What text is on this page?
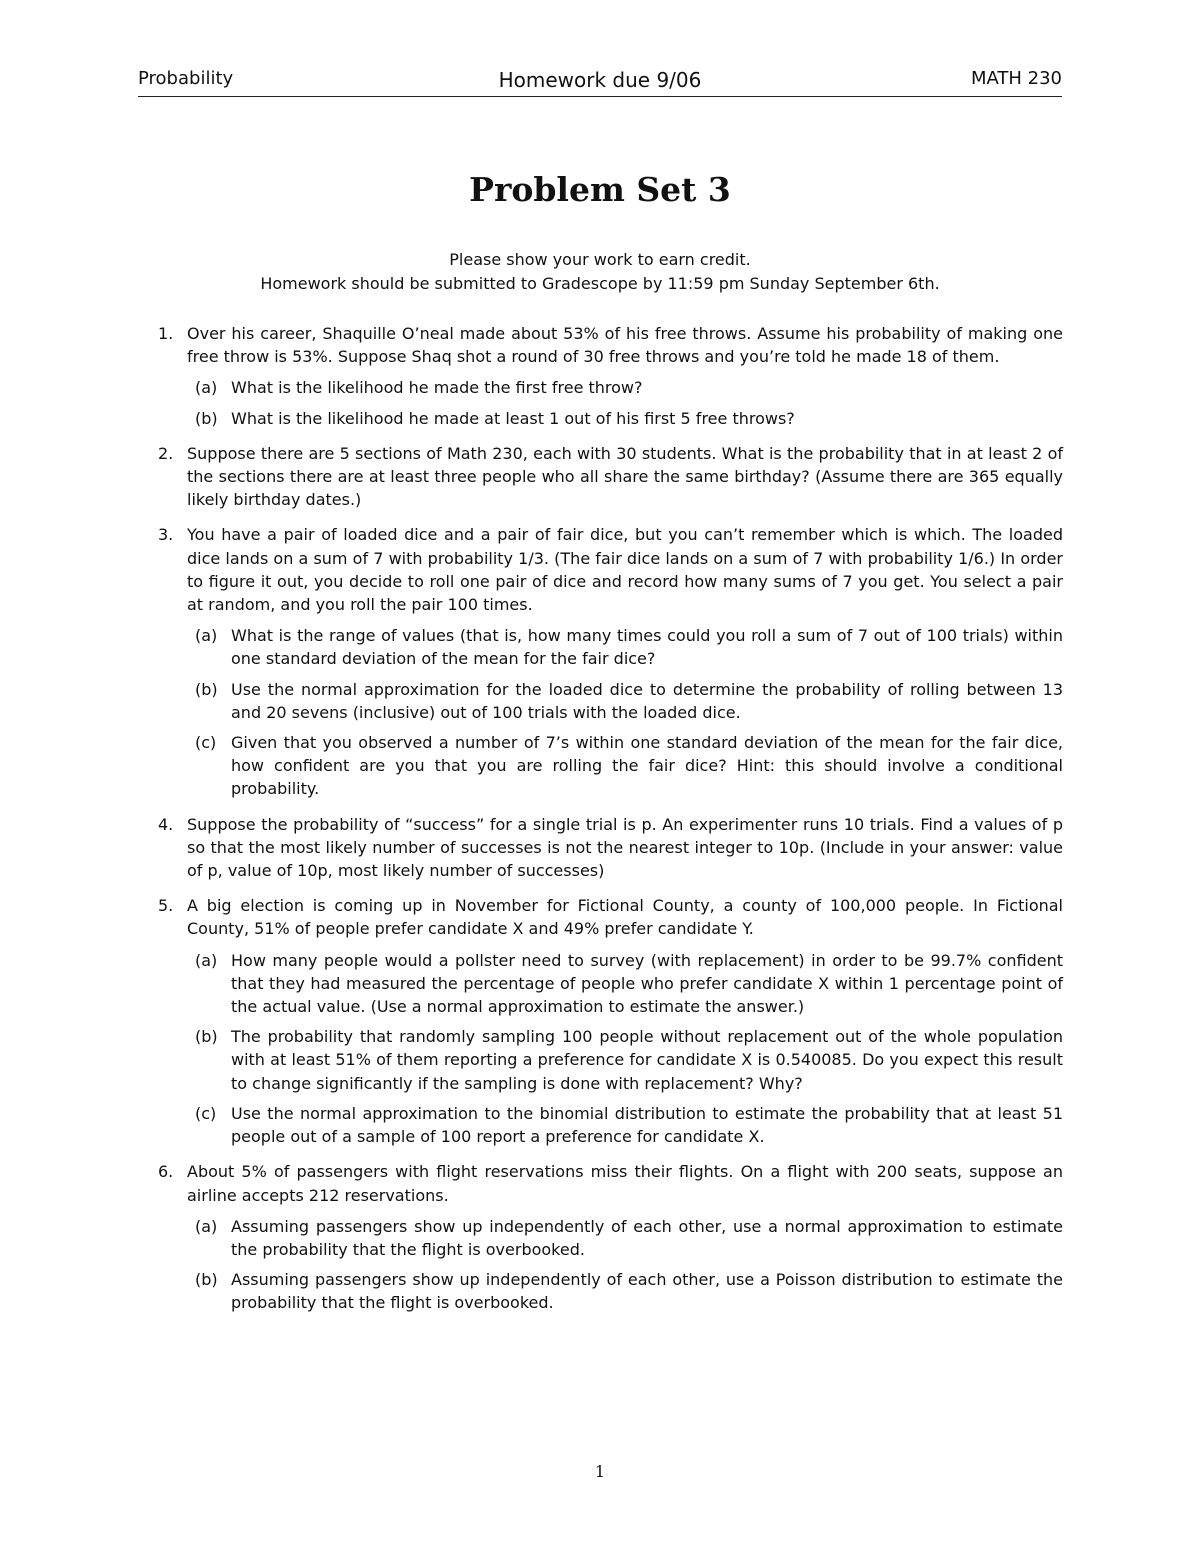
Probability	Homework due 9/06	MATH 230
Problem Set 3
Please show your work to earn credit.
Homework should be submitted to Gradescope by 11:59 pm Sunday September 6th.
1. Over his career, Shaquille O’neal made about 53% of his free throws. Assume his probability of making one free throw is 53%. Suppose Shaq shot a round of 30 free throws and you’re told he made 18 of them.
(a) What is the likelihood he made the first free throw?
(b) What is the likelihood he made at least 1 out of his first 5 free throws?
2. Suppose there are 5 sections of Math 230, each with 30 students. What is the probability that in at least 2 of the sections there are at least three people who all share the same birthday? (Assume there are 365 equally likely birthday dates.)
3. You have a pair of loaded dice and a pair of fair dice, but you can’t remember which is which. The loaded dice lands on a sum of 7 with probability 1/3. (The fair dice lands on a sum of 7 with probability 1/6.) In order to figure it out, you decide to roll one pair of dice and record how many sums of 7 you get. You select a pair at random, and you roll the pair 100 times.
(a) What is the range of values (that is, how many times could you roll a sum of 7 out of 100 trials) within one standard deviation of the mean for the fair dice?
(b) Use the normal approximation for the loaded dice to determine the probability of rolling between 13 and 20 sevens (inclusive) out of 100 trials with the loaded dice.
(c) Given that you observed a number of 7’s within one standard deviation of the mean for the fair dice, how confident are you that you are rolling the fair dice? Hint: this should involve a conditional probability.
4. Suppose the probability of “success” for a single trial is p. An experimenter runs 10 trials. Find a values of p so that the most likely number of successes is not the nearest integer to 10p. (Include in your answer: value of p, value of 10p, most likely number of successes)
5. A big election is coming up in November for Fictional County, a county of 100,000 people. In Fictional County, 51% of people prefer candidate X and 49% prefer candidate Y.
(a) How many people would a pollster need to survey (with replacement) in order to be 99.7% confident that they had measured the percentage of people who prefer candidate X within 1 percentage point of the actual value. (Use a normal approximation to estimate the answer.)
(b) The probability that randomly sampling 100 people without replacement out of the whole population with at least 51% of them reporting a preference for candidate X is 0.540085. Do you expect this result to change significantly if the sampling is done with replacement? Why?
(c) Use the normal approximation to the binomial distribution to estimate the probability that at least 51 people out of a sample of 100 report a preference for candidate X.
6. About 5% of passengers with flight reservations miss their flights. On a flight with 200 seats, suppose an airline accepts 212 reservations.
(a) Assuming passengers show up independently of each other, use a normal approximation to estimate the probability that the flight is overbooked.
(b) Assuming passengers show up independently of each other, use a Poisson distribution to estimate the probability that the flight is overbooked.
1
